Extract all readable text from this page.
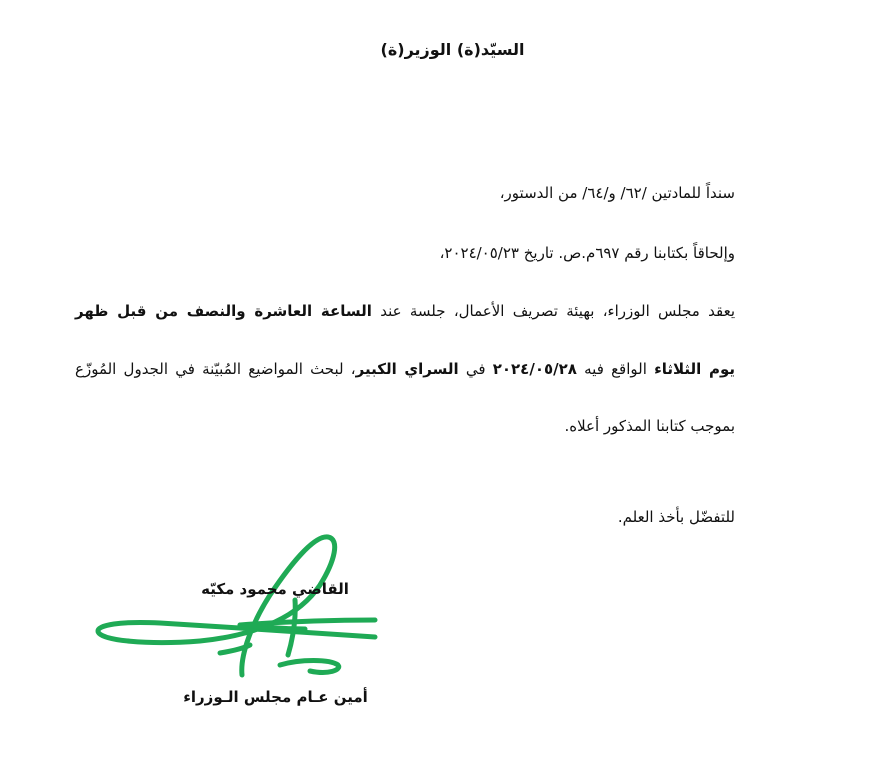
السيّد(ة) الوزير(ة)
سنداً للمادتين /٦٢/ و/٦٤/ من الدستور،
وإلحاقاً بكتابنا رقم ٦٩٧م.ص. تاريخ ٢٠٢٤/٠٥/٢٣،
يعقد مجلس الوزراء، بهيئة تصريف الأعمال، جلسة عند الساعة العاشرة والنصف من قبل ظهر
يوم الثلاثاء الواقع فيه ٢٠٢٤/٠٥/٢٨ في السراي الكبير، لبحث المواضيع المُبيّنة في الجدول المُوزّع
بموجب كتابنا المذكور أعلاه.
للتفضّل بأخذ العلم.
القاضي محمود مكيّه
أمين عـام مجلس الـوزراء
